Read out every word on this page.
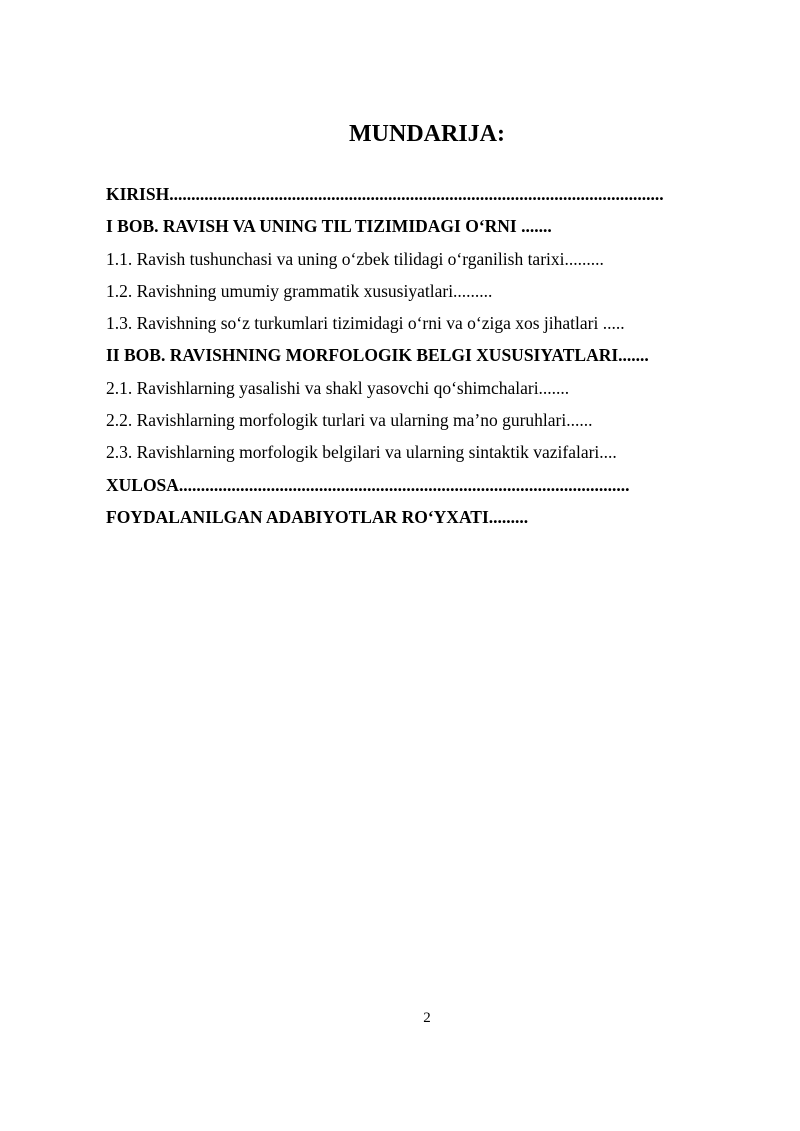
MUNDARIJA:
KIRISH.................................................................................................................
I BOB. RAVISH VA UNING TIL TIZIMIDAGI O‘RNI .......
1.1. Ravish tushunchasi va uning o‘zbek tilidagi o‘rganilish tarixi.........
1.2. Ravishning umumiy grammatik xususiyatlari.........
1.3. Ravishning so‘z turkumlari tizimidagi o‘rni va o‘ziga xos jihatlari .....
II BOB. RAVISHNING MORFOLOGIK BELGI XUSUSIYATLARI.......
2.1. Ravishlarning yasalishi va shakl yasovchi qo‘shimchalari.......
2.2. Ravishlarning morfologik turlari va ularning ma’no guruhlari......
2.3. Ravishlarning morfologik belgilari va ularning sintaktik vazifalari....
XULOSA.......................................................................................................
FOYDALANILGAN ADABIYOTLAR RO‘YXATI.........
2
